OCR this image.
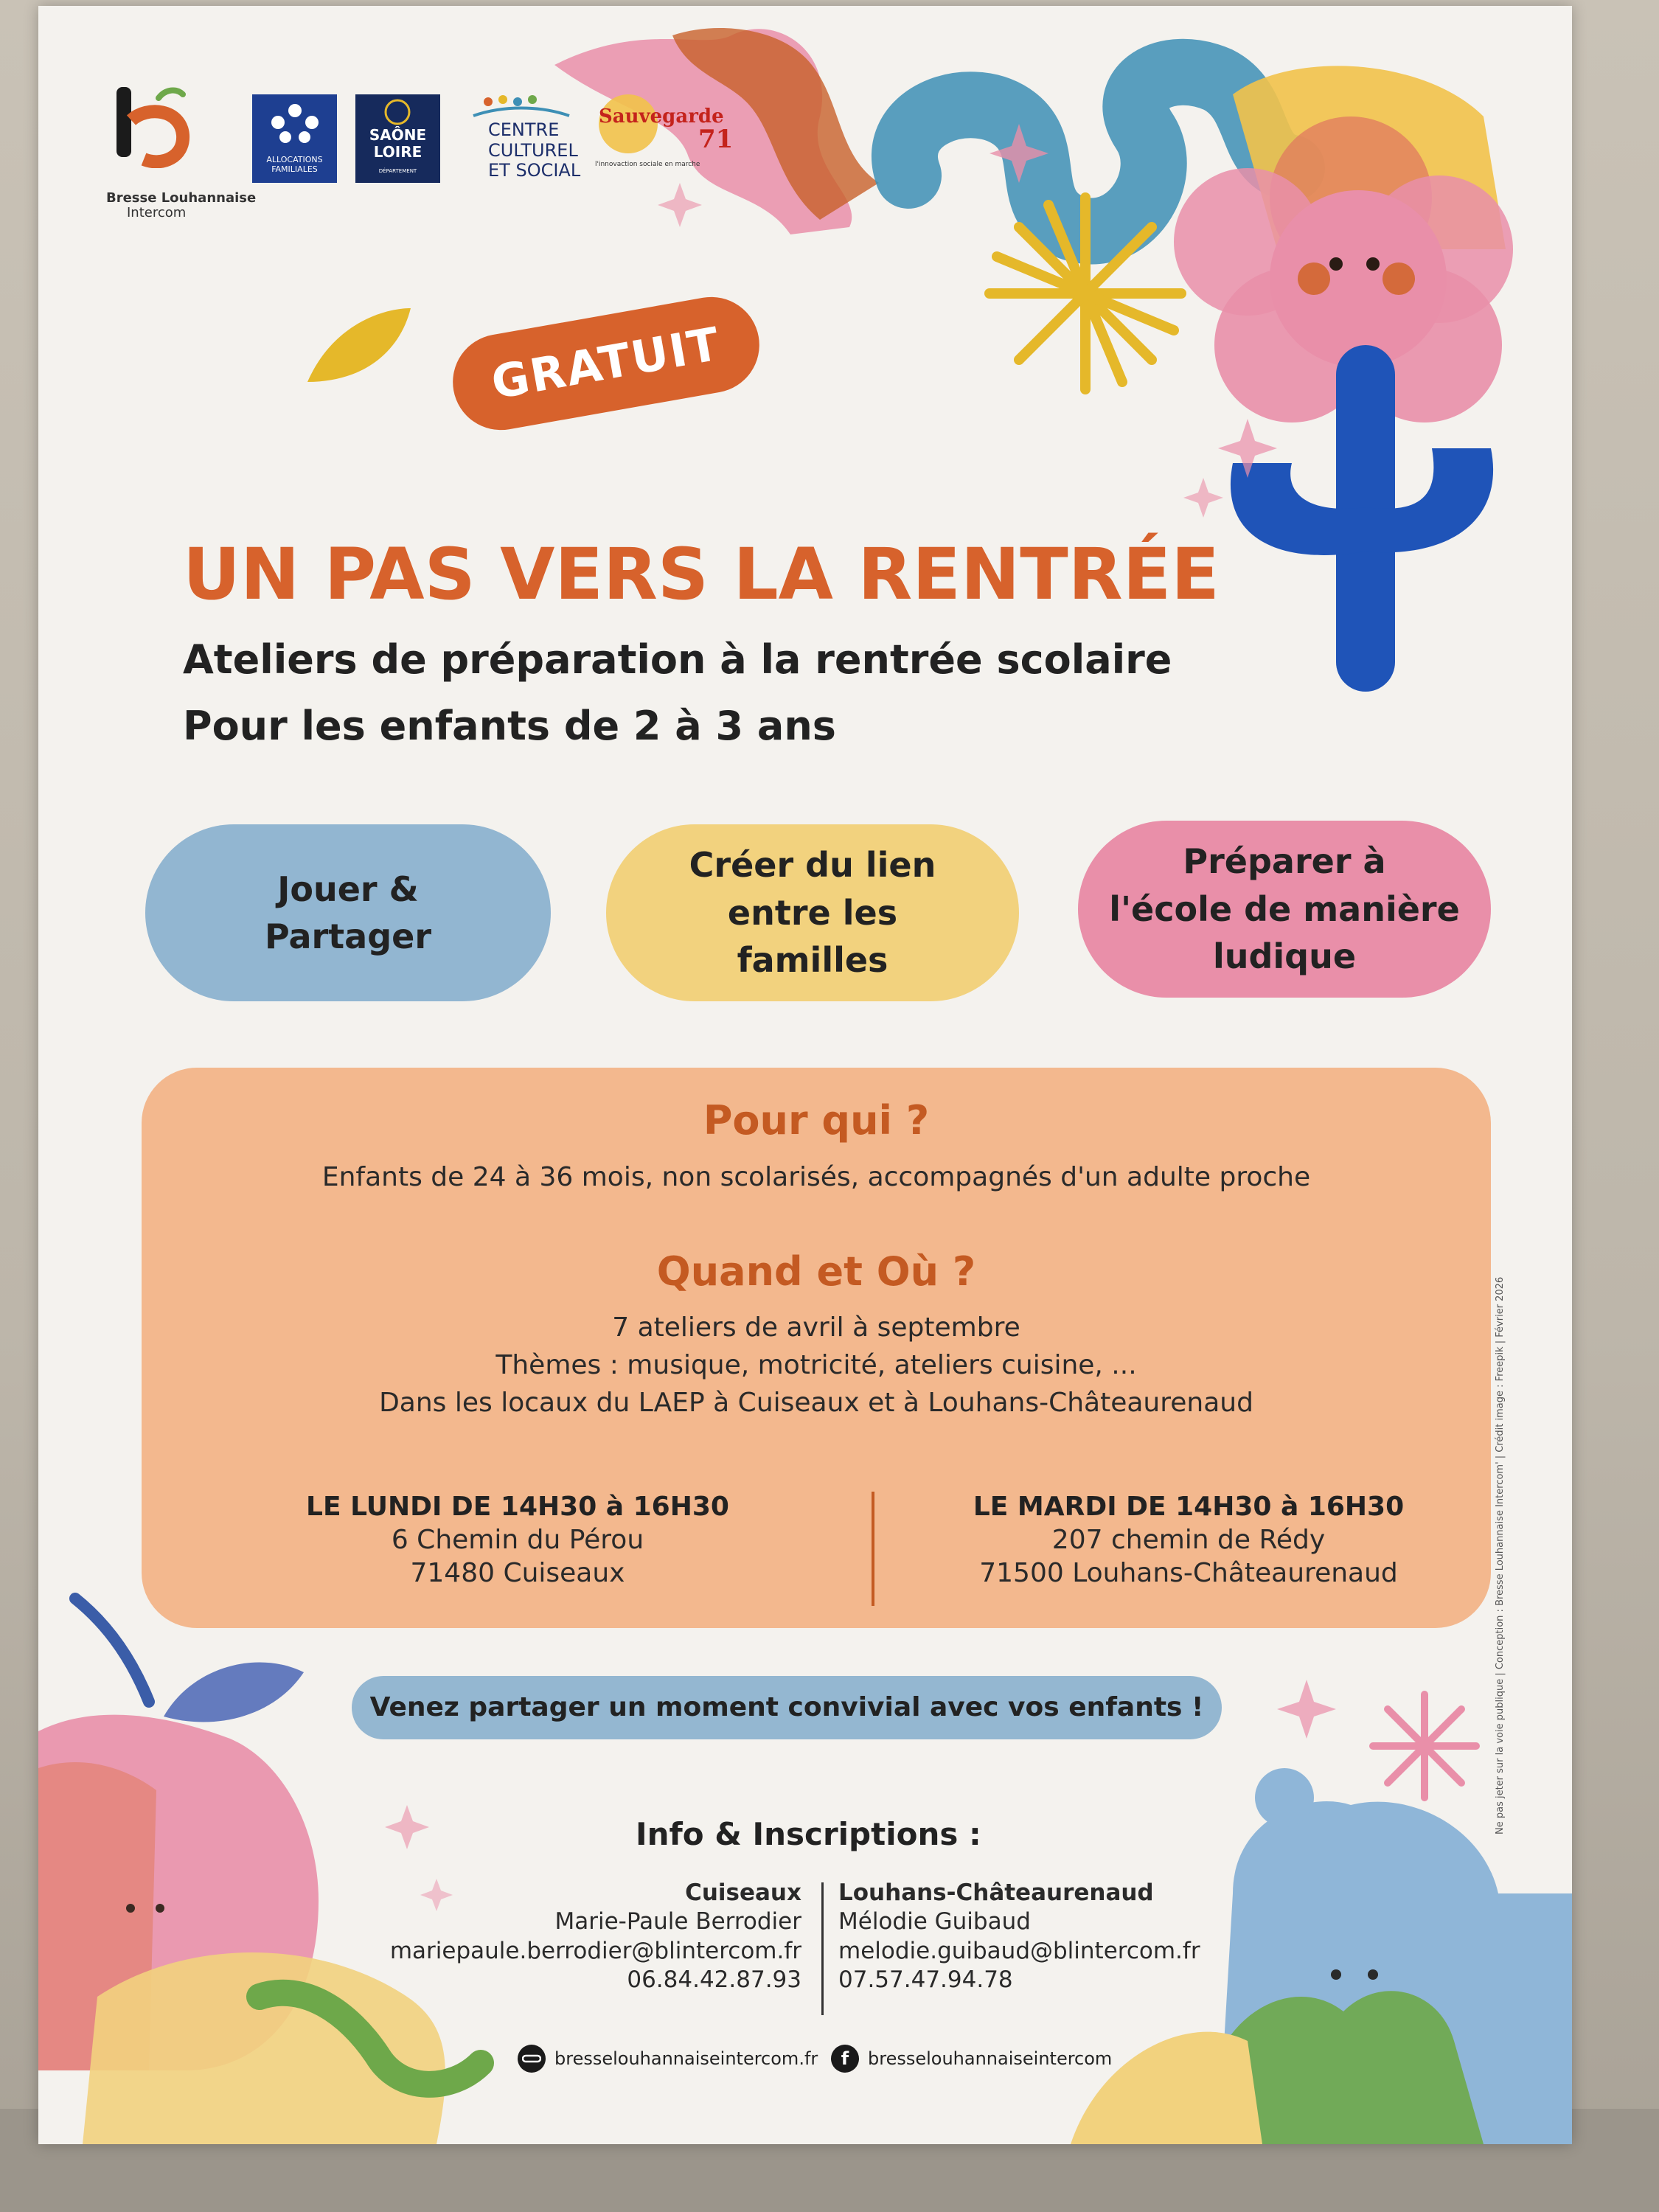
Bresse Louhannaise
Intercom
ALLOCATIONS
FAMILIALES
SAÔNE
LOIRE
DÉPARTEMENT
CENTRE
CULTUREL
ET SOCIAL
Sauvegarde
71
l'innovaction sociale en marche
GRATUIT
UN PAS VERS LA RENTRÉE
Ateliers de préparation à la rentrée scolaire
Pour les enfants de 2 à 3 ans
Jouer &
Partager
Créer du lien
entre les
familles
Préparer à
l'école de manière
ludique
Pour qui ?
Enfants de 24 à 36 mois, non scolarisés, accompagnés d'un adulte proche
Quand et Où ?
7 ateliers de avril à septembre
Thèmes : musique, motricité, ateliers cuisine, ...
Dans les locaux du LAEP à Cuiseaux et à Louhans-Châteaurenaud
LE LUNDI DE 14H30 à 16H30
6 Chemin du Pérou
71480 Cuiseaux
LE MARDI DE 14H30 à 16H30
207 chemin de Rédy
71500 Louhans-Châteaurenaud
Venez partager un moment convivial avec vos enfants !
Info & Inscriptions :
Cuiseaux
Marie-Paule Berrodier
mariepaule.berrodier@blintercom.fr
06.84.42.87.93
Louhans-Châteaurenaud
Mélodie Guibaud
melodie.guibaud@blintercom.fr
07.57.47.94.78
bresselouhannaiseintercom.fr	f	bresselouhannaiseintercom
Ne pas jeter sur la voie publique | Conception : Bresse Louhannaise Intercom' | Crédit image : Freepik | Février 2026
